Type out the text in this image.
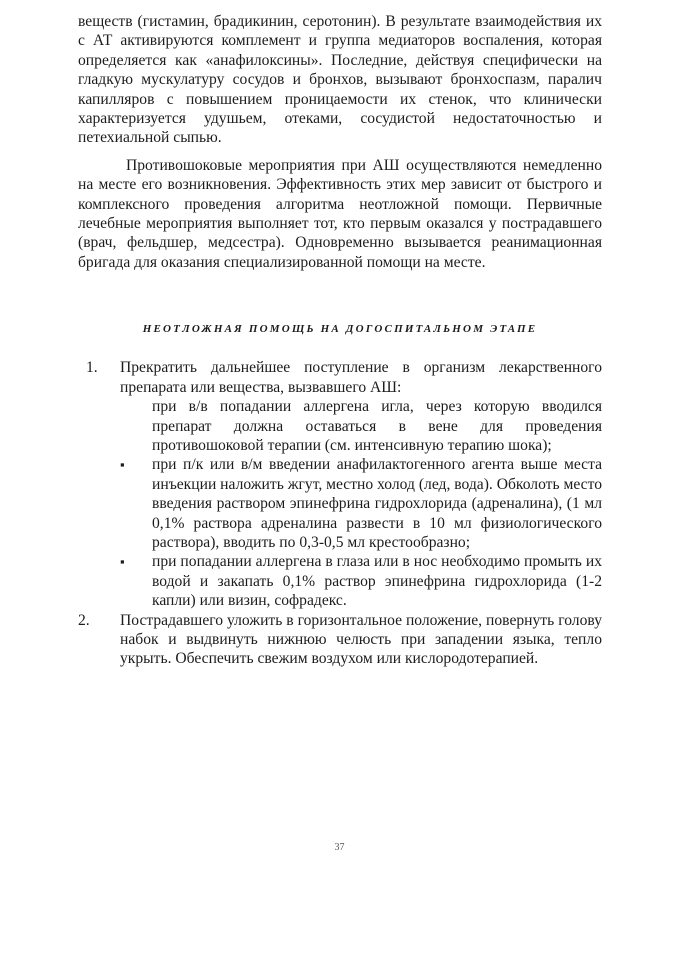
веществ (гистамин, брадикинин, серотонин). В результате взаимодействия их с АТ активируются комплемент и группа медиаторов воспаления, которая определяется как «анафилоксины». Последние, действуя специфически на гладкую мускулатуру сосудов и бронхов, вызывают бронхоспазм, паралич капилляров с повышением проницаемости их стенок, что клинически характеризуется удушьем, отеками, сосудистой недостаточностью и петехиальной сыпью.

Противошоковые мероприятия при АШ осуществляются немедленно на месте его возникновения. Эффективность этих мер зависит от быстрого и комплексного проведения алгоритма неотложной помощи. Первичные лечебные мероприятия выполняет тот, кто первым оказался у пострадавшего (врач, фельдшер, медсестра). Одновременно вызывается реанимационная бригада для оказания специализированной помощи на месте.

НЕОТЛОЖНАЯ ПОМОЩЬ НА ДОГОСПИТАЛЬНОМ ЭТАПЕ
1.	Прекратить дальнейшее поступление в организм лекарственного препарата или вещества, вызвавшего АШ:
при в/в попадании аллергена игла, через которую вводился препарат должна оставаться в вене для проведения противошоковой терапии (см. интенсивную терапию шока);
▪	при п/к или в/м введении анафилактогенного агента выше места инъекции наложить жгут, местно холод (лед, вода). Обколоть место введения раствором эпинефрина гидрохлорида (адреналина), (1 мл 0,1% раствора адреналина развести в 10 мл физиологического раствора), вводить по 0,3-0,5 мл крестообразно;
▪	при попадании аллергена в глаза или в нос необходимо промыть их водой и закапать 0,1% раствор эпинефрина гидрохлорида (1-2 капли) или визин, софрадекс.
2.	Пострадавшего уложить в горизонтальное положение, повернуть голову набок и выдвинуть нижнюю челюсть при западении языка, тепло укрыть. Обеспечить свежим воздухом или кислородотерапией.
37
